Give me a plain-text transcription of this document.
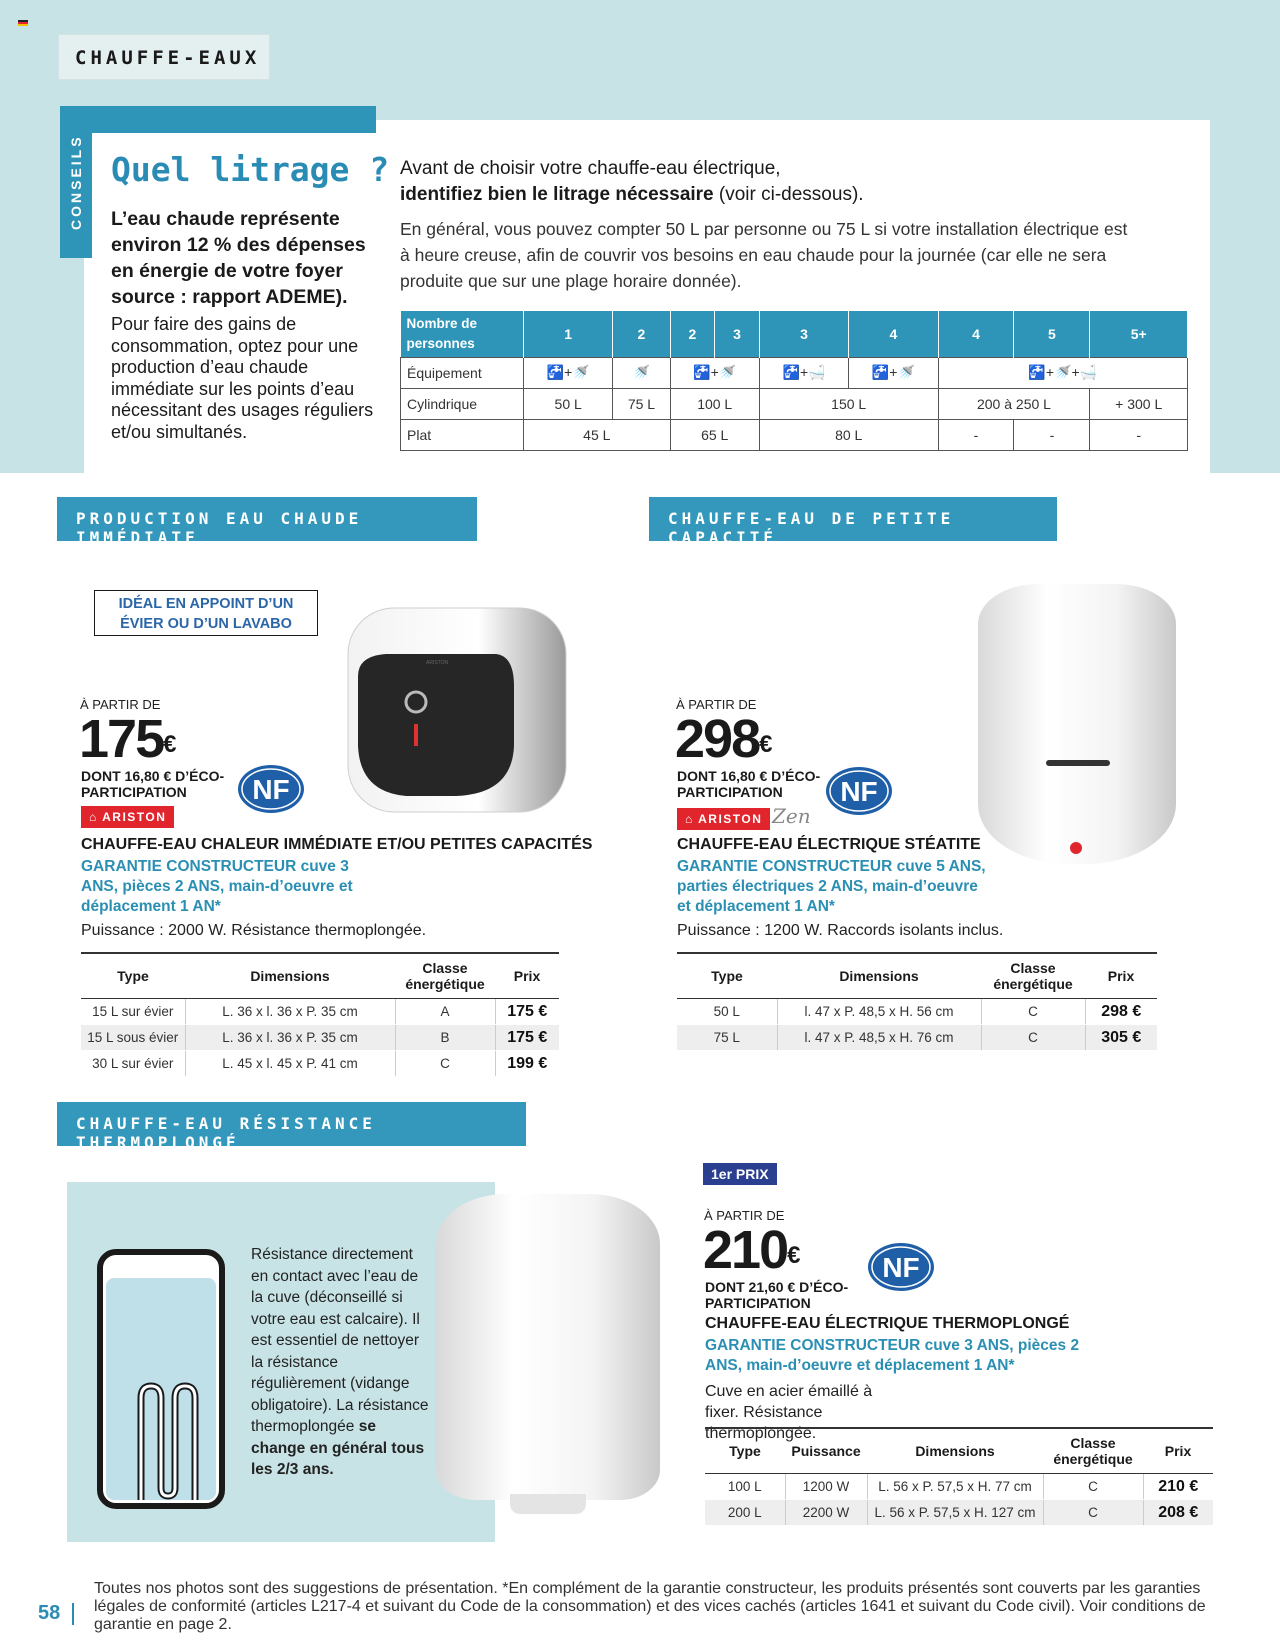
CHAUFFE-EAUX
CONSEILS Quel litrage ?
L’eau chaude représente environ 12 % des dépenses en énergie de votre foyer source : rapport ADEME).
Pour faire des gains de consommation, optez pour une production d’eau chaude immédiate sur les points d’eau nécessitant des usages réguliers et/ou simultanés.
Avant de choisir votre chauffe-eau électrique,
identifiez bien le litrage nécessaire (voir ci-dessous).
En général, vous pouvez compter 50 L par personne ou 75 L si votre installation électrique est à heure creuse, afin de couvrir vos besoins en eau chaude pour la journée (car elle ne sera produite que sur une plage horaire donnée).
Nombre de personnes	1	2	2	3	3	4	4	5	5+
Équipement	🚰+🚿	🚿	🚰+🚿		🚰+🛁	🚰+🚿	🚰+🚿+🛁		
Cylindrique	50 L	75 L	100 L		150 L		200 à 250 L		+ 300 L
Plat	45 L		65 L		80 L		-	-	-
PRODUCTION EAU CHAUDE IMMÉDIATE
CHAUFFE-EAU DE PETITE CAPACITÉ
IDÉAL EN APPOINT D’UN ÉVIER OU D’UN LAVABO
ARISTON
À PARTIR DE
175€
DONT 16,80 € D’ÉCO-PARTICIPATION
⌂ ARISTON
NF
CHAUFFE-EAU CHALEUR IMMÉDIATE ET/OU PETITES CAPACITÉS
GARANTIE CONSTRUCTEUR cuve 3 ANS, pièces 2 ANS, main-d’oeuvre et déplacement 1 AN*
Puissance : 2000 W. Résistance thermoplongée.
Type	Dimensions	Classe énergétique	Prix
15 L sur évier	L. 36 x l. 36 x P. 35 cm	A	175 €
15 L sous évier	L. 36 x l. 36 x P. 35 cm	B	175 €
30 L sur évier	L. 45 x l. 45 x P. 41 cm	C	199 €
À PARTIR DE
298€
DONT 16,80 € D’ÉCO-PARTICIPATION
⌂ ARISTON Zen
NF
CHAUFFE-EAU ÉLECTRIQUE STÉATITE
GARANTIE CONSTRUCTEUR cuve 5 ANS, parties électriques 2 ANS, main-d’oeuvre et déplacement 1 AN*
Puissance : 1200 W. Raccords isolants inclus.
Type	Dimensions	Classe énergétique	Prix
50 L	l. 47 x P. 48,5 x H. 56 cm	C	298 €
75 L	l. 47 x P. 48,5 x H. 76 cm	C	305 €
CHAUFFE-EAU RÉSISTANCE THERMOPLONGÉ
Résistance directement en contact avec l’eau de la cuve (déconseillé si votre eau est calcaire). Il est essentiel de nettoyer la résistance régulièrement (vidange obligatoire). La résistance thermoplongée se change en général tous les 2/3 ans.
1er PRIX
À PARTIR DE
210€
DONT 21,60 € D’ÉCO-PARTICIPATION
NF
CHAUFFE-EAU ÉLECTRIQUE THERMOPLONGÉ
GARANTIE CONSTRUCTEUR cuve 3 ANS, pièces 2 ANS, main-d’oeuvre et déplacement 1 AN*
Cuve en acier émaillé à fixer. Résistance thermoplongée.
Type	Puissance	Dimensions	Classe énergétique	Prix
100 L	1200 W	L. 56 x P. 57,5 x H. 77 cm	C	210 €
200 L	2200 W	L. 56 x P. 57,5 x H. 127 cm	C	208 €
58
Toutes nos photos sont des suggestions de présentation. *En complément de la garantie constructeur, les produits présentés sont couverts par les garanties légales de conformité (articles L217-4 et suivant du Code de la consommation) et des vices cachés (articles 1641 et suivant du Code civil). Voir conditions de garantie en page 2.
